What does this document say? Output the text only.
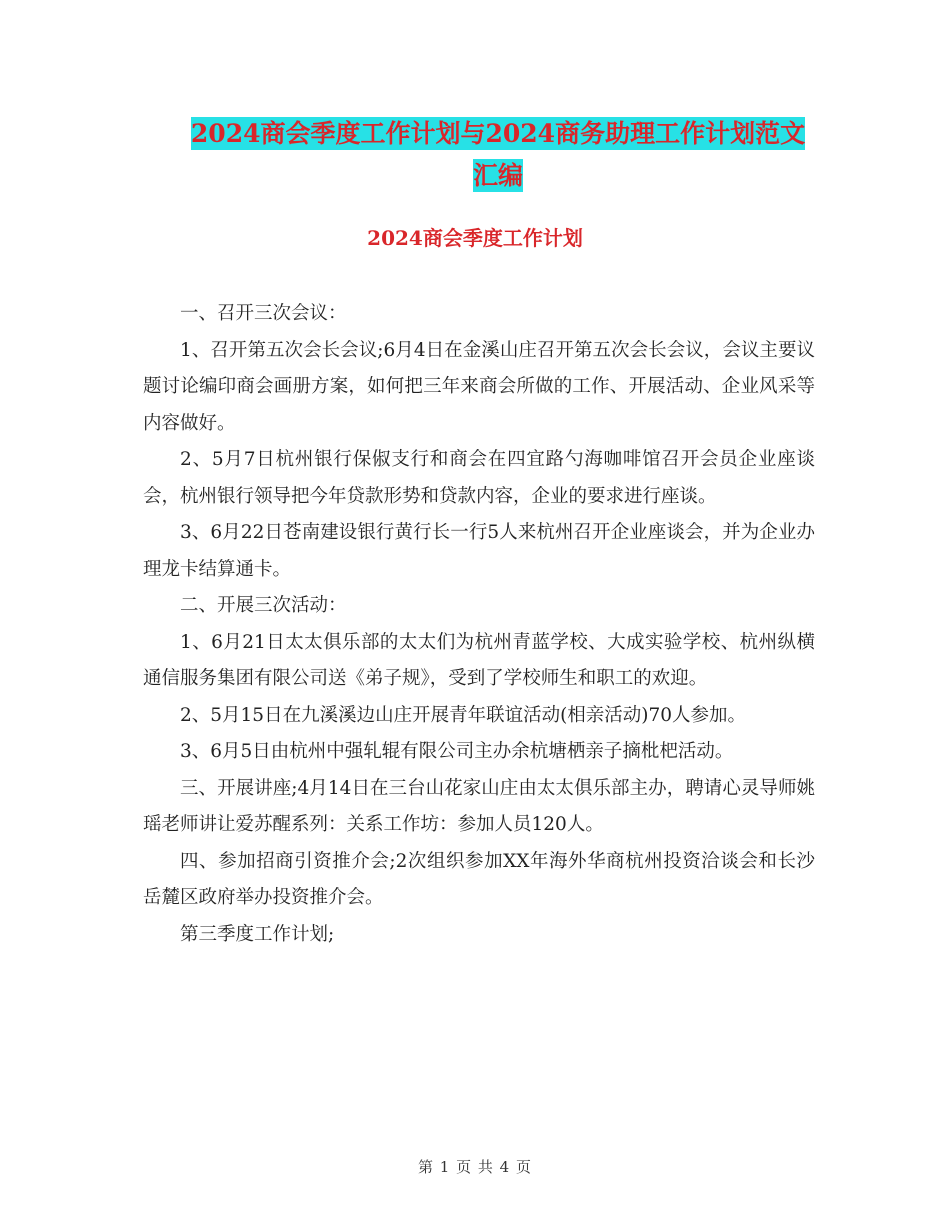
2024商会季度工作计划与2024商务助理工作计划范文
汇编
2024商会季度工作计划

一、召开三次会议：

1、召开第五次会长会议;6月4日在金溪山庄召开第五次会长会议，会议主要议题讨论编印商会画册方案，如何把三年来商会所做的工作、开展活动、企业风采等内容做好。

2、5月7日杭州银行保俶支行和商会在四宜路勺海咖啡馆召开会员企业座谈会，杭州银行领导把今年贷款形势和贷款内容，企业的要求进行座谈。

3、6月22日苍南建设银行黄行长一行5人来杭州召开企业座谈会，并为企业办理龙卡结算通卡。

二、开展三次活动：

1、6月21日太太俱乐部的太太们为杭州青蓝学校、大成实验学校、杭州纵横通信服务集团有限公司送《弟子规》，受到了学校师生和职工的欢迎。

2、5月15日在九溪溪边山庄开展青年联谊活动(相亲活动)70人参加。

3、6月5日由杭州中强轧辊有限公司主办余杭塘栖亲子摘枇杷活动。

三、开展讲座;4月14日在三台山花家山庄由太太俱乐部主办，聘请心灵导师姚瑶老师讲让爱苏醒系列：关系工作坊：参加人员120人。

四、参加招商引资推介会;2次组织参加XX年海外华商杭州投资洽谈会和长沙岳麓区政府举办投资推介会。

第三季度工作计划;

第 1 页 共 4 页
